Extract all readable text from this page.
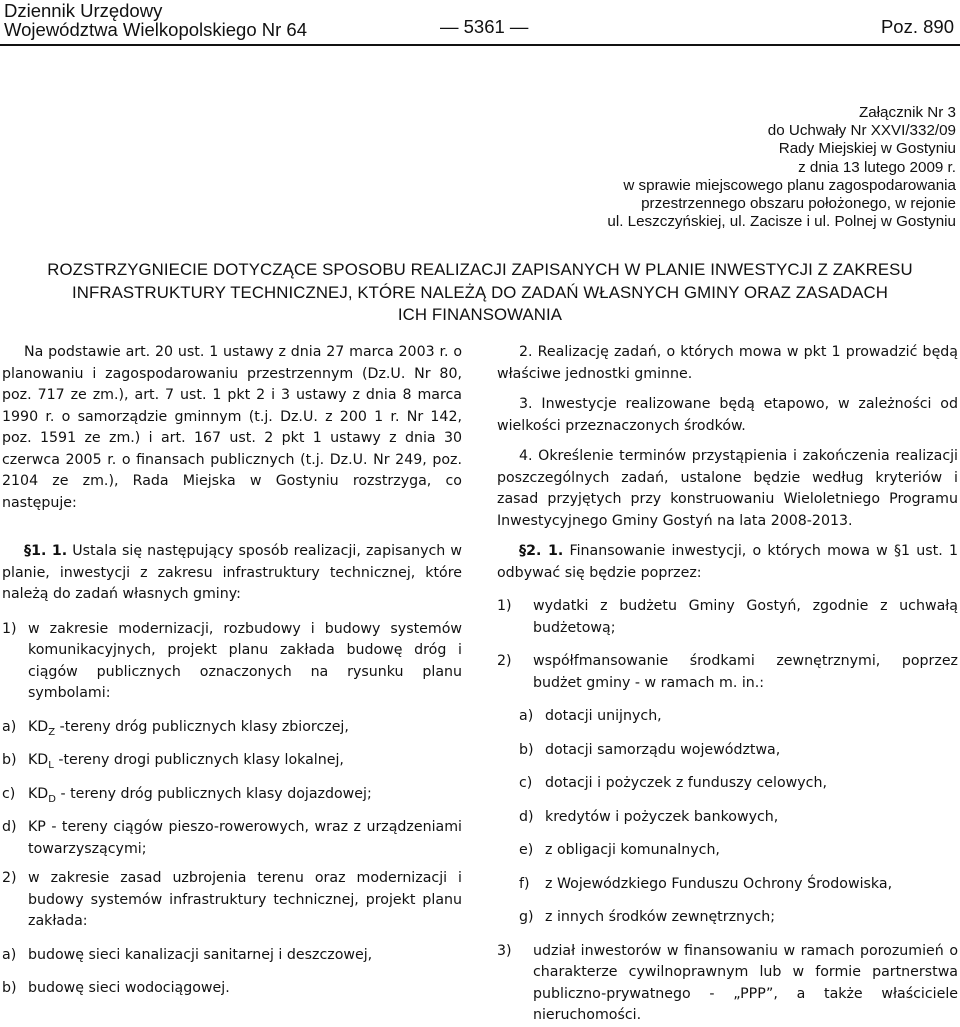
Dziennik Urzędowy
Województwa Wielkopolskiego Nr 64	— 5361 —	Poz. 890
Załącznik Nr 3
do Uchwały Nr XXVI/332/09
Rady Miejskiej w Gostyniu
z dnia 13 lutego 2009 r.
w sprawie miejscowego planu zagospodarowania
przestrzennego obszaru położonego, w rejonie
ul. Leszczyńskiej, ul. Zacisze i ul. Polnej w Gostyniu
ROZSTRZYGNIECIE DOTYCZĄCE SPOSOBU REALIZACJI ZAPISANYCH W PLANIE INWESTYCJI Z ZAKRESU
INFRASTRUKTURY TECHNICZNEJ, KTÓRE NALEŻĄ DO ZADAŃ WŁASNYCH GMINY ORAZ ZASADACH
ICH FINANSOWANIA

Na podstawie art. 20 ust. 1 ustawy z dnia 27 marca 2003 r. o planowaniu i zagospodarowaniu przestrzennym (Dz.U. Nr 80, poz. 717 ze zm.), art. 7 ust. 1 pkt 2 i 3 ustawy z dnia 8 marca 1990 r. o samorządzie gminnym (t.j. Dz.U. z 200 1 r. Nr 142, poz. 1591 ze zm.) i art. 167 ust. 2 pkt 1 ustawy z dnia 30 czerwca 2005 r. o finansach publicznych (t.j. Dz.U. Nr 249, poz. 2104 ze zm.), Rada Miejska w Gostyniu rozstrzyga, co następuje:

§1. 1. Ustala się następujący sposób realizacji, zapisanych w planie, inwestycji z zakresu infrastruktury technicznej, które należą do zadań własnych gminy:

1) w zakresie modernizacji, rozbudowy i budowy systemów komunikacyjnych, projekt planu zakłada budowę dróg i ciągów publicznych oznaczonych na rysunku planu symbolami:
a) $KD_Z$ -tereny dróg publicznych klasy zbiorczej,
b) $KD_L$ -tereny drogi publicznych klasy lokalnej,
c) $KD_D$ - tereny dróg publicznych klasy dojazdowej;
d) KP - tereny ciągów pieszo-rowerowych, wraz z urządzeniami towarzyszącymi;
2) w zakresie zasad uzbrojenia terenu oraz modernizacji i budowy systemów infrastruktury technicznej, projekt planu zakłada:
a) budowę sieci kanalizacji sanitarnej i deszczowej,
b) budowę sieci wodociągowej.

2. Realizację zadań, o których mowa w pkt 1 prowadzić będą właściwe jednostki gminne.

3. Inwestycje realizowane będą etapowo, w zależności od wielkości przeznaczonych środków.

4. Określenie terminów przystąpienia i zakończenia realizacji poszczególnych zadań, ustalone będzie według kryteriów i zasad przyjętych przy konstruowaniu Wieloletniego Programu Inwestycyjnego Gminy Gostyń na lata 2008-2013.

§2. 1. Finansowanie inwestycji, o których mowa w §1 ust. 1 odbywać się będzie poprzez:

1)	wydatki z budżetu Gminy Gostyń, zgodnie z uchwałą budżetową;
2)	współfmansowanie środkami zewnętrznymi, poprzez budżet gminy - w ramach m. in.:
a) dotacji unijnych,
b) dotacji samorządu województwa,
c) dotacji i pożyczek z funduszy celowych,
d) kredytów i pożyczek bankowych,
e) z obligacji komunalnych,
f)	z Wojewódzkiego Funduszu Ochrony Środowiska,
g) z innych środków zewnętrznych;
3)	udział inwestorów w finansowaniu w ramach porozumień o charakterze cywilnoprawnym lub w formie partnerstwa publiczno-prywatnego - „PPP”, a także właściciele nieruchomości.
